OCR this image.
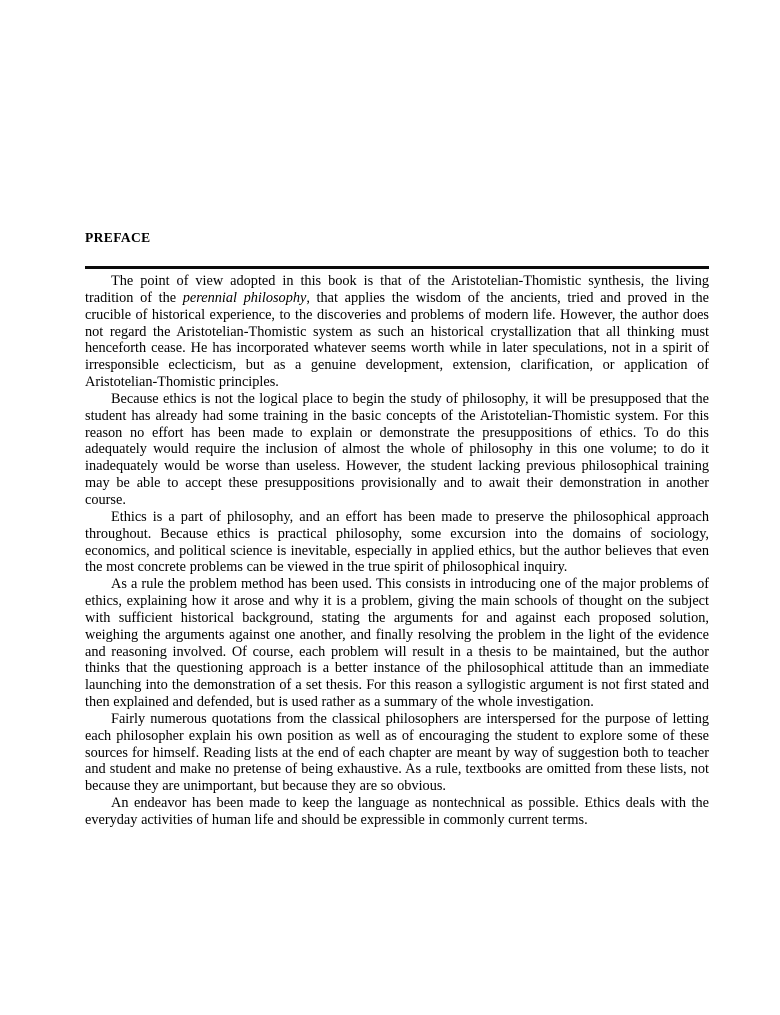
PREFACE

The point of view adopted in this book is that of the Aristotelian-Thomistic synthesis, the living tradition of the perennial philosophy, that applies the wisdom of the ancients, tried and proved in the crucible of historical experience, to the discoveries and problems of modern life. However, the author does not regard the Aristotelian-Thomistic system as such an historical crystallization that all thinking must henceforth cease. He has incorporated whatever seems worth while in later speculations, not in a spirit of irresponsible eclecticism, but as a genuine development, extension, clarification, or application of Aristotelian-Thomistic principles.

Because ethics is not the logical place to begin the study of philosophy, it will be presupposed that the student has already had some training in the basic concepts of the Aristotelian-Thomistic system. For this reason no effort has been made to explain or demonstrate the presuppositions of ethics. To do this adequately would require the inclusion of almost the whole of philosophy in this one volume; to do it inadequately would be worse than useless. However, the student lacking previous philosophical training may be able to accept these presuppositions provisionally and to await their demonstration in another course.

Ethics is a part of philosophy, and an effort has been made to preserve the philosophical approach throughout. Because ethics is practical philosophy, some excursion into the domains of sociology, economics, and political science is inevitable, especially in applied ethics, but the author believes that even the most concrete problems can be viewed in the true spirit of philosophical inquiry.

As a rule the problem method has been used. This consists in introducing one of the major problems of ethics, explaining how it arose and why it is a problem, giving the main schools of thought on the subject with sufficient historical background, stating the arguments for and against each proposed solution, weighing the arguments against one another, and finally resolving the problem in the light of the evidence and reasoning involved. Of course, each problem will result in a thesis to be maintained, but the author thinks that the questioning approach is a better instance of the philosophical attitude than an immediate launching into the demonstration of a set thesis. For this reason a syllogistic argument is not first stated and then explained and defended, but is used rather as a summary of the whole investigation.

Fairly numerous quotations from the classical philosophers are interspersed for the purpose of letting each philosopher explain his own position as well as of encouraging the student to explore some of these sources for himself. Reading lists at the end of each chapter are meant by way of suggestion both to teacher and student and make no pretense of being exhaustive. As a rule, textbooks are omitted from these lists, not because they are unimportant, but because they are so obvious.

An endeavor has been made to keep the language as nontechnical as possible. Ethics deals with the everyday activities of human life and should be expressible in commonly current terms.
